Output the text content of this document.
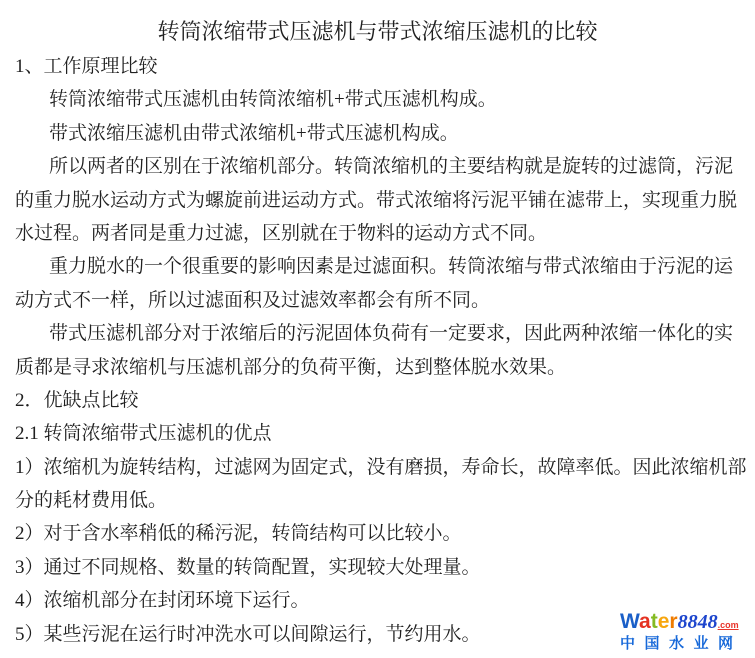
转筒浓缩带式压滤机与带式浓缩压滤机的比较
1、工作原理比较
转筒浓缩带式压滤机由转筒浓缩机+带式压滤机构成。
带式浓缩压滤机由带式浓缩机+带式压滤机构成。
所以两者的区别在于浓缩机部分。转筒浓缩机的主要结构就是旋转的过滤筒，污泥
的重力脱水运动方式为螺旋前进运动方式。带式浓缩将污泥平铺在滤带上，实现重力脱
水过程。两者同是重力过滤，区别就在于物料的运动方式不同。
重力脱水的一个很重要的影响因素是过滤面积。转筒浓缩与带式浓缩由于污泥的运
动方式不一样，所以过滤面积及过滤效率都会有所不同。
带式压滤机部分对于浓缩后的污泥固体负荷有一定要求，因此两种浓缩一体化的实
质都是寻求浓缩机与压滤机部分的负荷平衡，达到整体脱水效果。
2．优缺点比较
2.1 转筒浓缩带式压滤机的优点
1）浓缩机为旋转结构，过滤网为固定式，没有磨损，寿命长，故障率低。因此浓缩机部
分的耗材费用低。
2）对于含水率稍低的稀污泥，转筒结构可以比较小。
3）通过不同规格、数量的转筒配置，实现较大处理量。
4）浓缩机部分在封闭环境下运行。
5）某些污泥在运行时冲洗水可以间隙运行，节约用水。
Water8848.com
中国水业网
